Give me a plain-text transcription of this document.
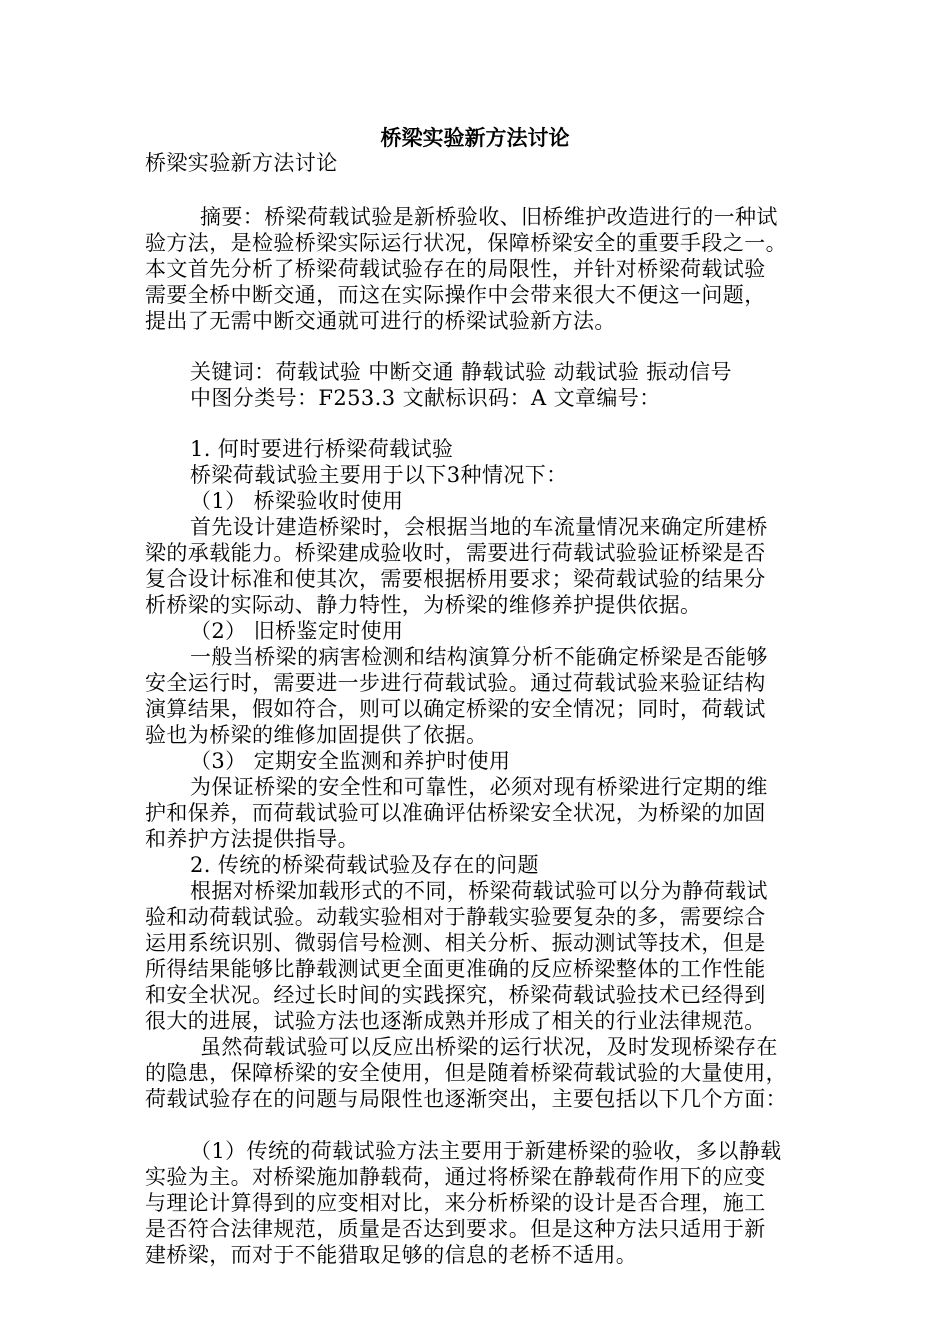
桥梁实验新方法讨论
桥梁实验新方法讨论
摘要：桥梁荷载试验是新桥验收、旧桥维护改造进行的一种试
验方法，是检验桥梁实际运行状况，保障桥梁安全的重要手段之一。
本文首先分析了桥梁荷载试验存在的局限性，并针对桥梁荷载试验
需要全桥中断交通，而这在实际操作中会带来很大不便这一问题，
提出了无需中断交通就可进行的桥梁试验新方法。
关键词：荷载试验 中断交通 静载试验 动载试验 振动信号
中图分类号：F253.3 文献标识码：A 文章编号：
1. 何时要进行桥梁荷载试验
桥梁荷载试验主要用于以下3种情况下：
（1） 桥梁验收时使用
首先设计建造桥梁时，会根据当地的车流量情况来确定所建桥
梁的承载能力。桥梁建成验收时，需要进行荷载试验验证桥梁是否
复合设计标准和使其次，需要根据桥用要求；梁荷载试验的结果分
析桥梁的实际动、静力特性，为桥梁的维修养护提供依据。
（2） 旧桥鉴定时使用
一般当桥梁的病害检测和结构演算分析不能确定桥梁是否能够
安全运行时，需要进一步进行荷载试验。通过荷载试验来验证结构
演算结果，假如符合，则可以确定桥梁的安全情况；同时，荷载试
验也为桥梁的维修加固提供了依据。
（3） 定期安全监测和养护时使用
为保证桥梁的安全性和可靠性，必须对现有桥梁进行定期的维
护和保养，而荷载试验可以准确评估桥梁安全状况，为桥梁的加固
和养护方法提供指导。
2. 传统的桥梁荷载试验及存在的问题
根据对桥梁加载形式的不同，桥梁荷载试验可以分为静荷载试
验和动荷载试验。动载实验相对于静载实验要复杂的多，需要综合
运用系统识别、微弱信号检测、相关分析、振动测试等技术，但是
所得结果能够比静载测试更全面更准确的反应桥梁整体的工作性能
和安全状况。经过长时间的实践探究，桥梁荷载试验技术已经得到
很大的进展，试验方法也逐渐成熟并形成了相关的行业法律规范。
虽然荷载试验可以反应出桥梁的运行状况，及时发现桥梁存在
的隐患，保障桥梁的安全使用，但是随着桥梁荷载试验的大量使用，
荷载试验存在的问题与局限性也逐渐突出，主要包括以下几个方面：
（1）传统的荷载试验方法主要用于新建桥梁的验收，多以静载
实验为主。对桥梁施加静载荷，通过将桥梁在静载荷作用下的应变
与理论计算得到的应变相对比，来分析桥梁的设计是否合理，施工
是否符合法律规范，质量是否达到要求。但是这种方法只适用于新
建桥梁，而对于不能猎取足够的信息的老桥不适用。
